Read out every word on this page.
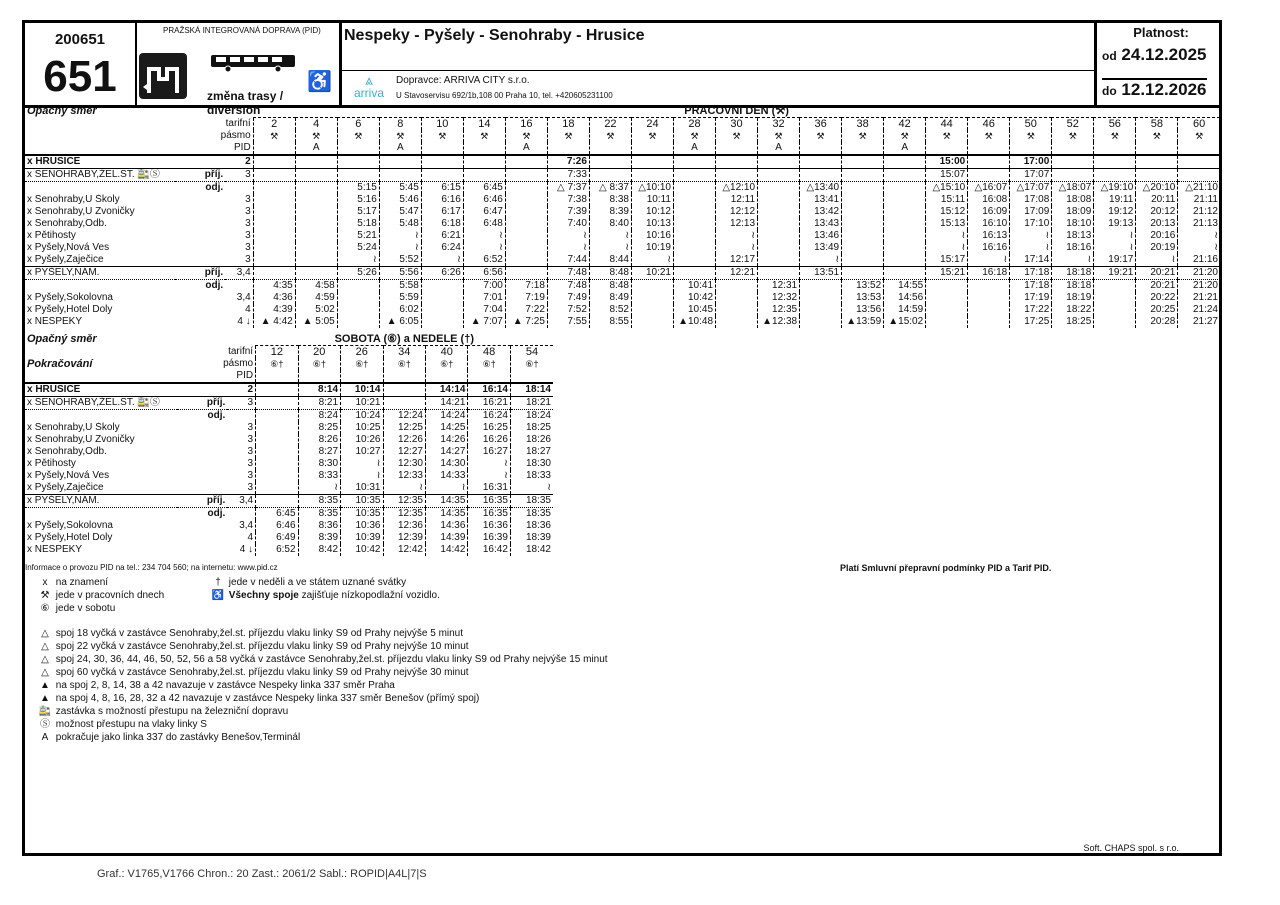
200651
651
PRAŽSKÁ INTEGROVANÁ DOPRAVA (PID)
♿
změna trasy / diversion
Nespeky - Pyšely - Senohraby - Hrusice
⩓
arriva
Dopravce: ARRIVA CITY s.r.o.
U Stavoservisu 692/1b,108 00 Praha 10, tel. +420605231100
Platnost:
od 24.12.2025
do 12.12.2026
Opačný směr			PRACOVNI DEN (⚒)																						
	tarifní		2	4	6	8	10	14	16	18	22	24	28	30	32	36	38	42	44	46	50	52	56	58	60
	pásmo		⚒	⚒	⚒	⚒	⚒	⚒	⚒	⚒	⚒	⚒	⚒	⚒	⚒	⚒	⚒	⚒	⚒	⚒	⚒	⚒	⚒	⚒	⚒
	PID			A		A			A				A		A			A							
x HRUSICE		2								7:26									15:00		17:00				
x SENOHRABY,ŽEL.ST. 🚉Ⓢ	příj.	3								7:33									15:07		17:07				
	odj.				5:15	5:45	6:15	6:45		△ 7:37	△ 8:37	△10:10		△12:10		△13:40			△15:10	△16:07	△17:07	△18:07	△19:10	△20:10	△21:10
x Senohraby,U Školy		3			5:16	5:46	6:16	6:46		7:38	8:38	10:11		12:11		13:41			15:11	16:08	17:08	18:08	19:11	20:11	21:11
x Senohraby,U Zvoničky		3			5:17	5:47	6:17	6:47		7:39	8:39	10:12		12:12		13:42			15:12	16:09	17:09	18:09	19:12	20:12	21:12
x Senohraby,Odb.		3			5:18	5:48	6:18	6:48		7:40	8:40	10:13		12:13		13:43			15:13	16:10	17:10	18:10	19:13	20:13	21:13
x Pětihosty		3			5:21	≀	6:21	≀		≀	≀	10:16		≀		13:46			≀	16:13	≀	18:13	≀	20:16	≀
x Pyšely,Nová Ves		3			5:24	≀	6:24	≀		≀	≀	10:19		≀		13:49			≀	16:16	≀	18:16	≀	20:19	≀
x Pyšely,Zaječice		3			≀	5:52	≀	6:52		7:44	8:44	≀		12:17		≀			15:17	≀	17:14	≀	19:17	≀	21:16
x PYŠELY,NÁM.	příj.	3,4			5:26	5:56	6:26	6:56		7:48	8:48	10:21		12:21		13:51			15:21	16:18	17:18	18:18	19:21	20:21	21:20
	odj.		4:35	4:58		5:58		7:00	7:18	7:48	8:48		10:41		12:31		13:52	14:55			17:18	18:18		20:21	21:20
x Pyšely,Sokolovna		3,4	4:36	4:59		5:59		7:01	7:19	7:49	8:49		10:42		12:32		13:53	14:56			17:19	18:19		20:22	21:21
x Pyšely,Hotel Doly		4	4:39	5:02		6:02		7:04	7:22	7:52	8:52		10:45		12:35		13:56	14:59			17:22	18:22		20:25	21:24
x NESPEKY		4 ↓	▲ 4:42	▲ 5:05		▲ 6:05		▲ 7:07	▲ 7:25	7:55	8:55		▲10:48		▲12:38		▲13:59	▲15:02			17:25	18:25		20:28	21:27
Opačný směr			SOBOTA (⑥) a NEDELE (†)						
	tarifní		12	20	26	34	40	48	54
Pokračování	pásmo		⑥†	⑥†	⑥†	⑥†	⑥†	⑥†	⑥†
	PID								
x HRUSICE		2		8:14	10:14		14:14	16:14	18:14
x SENOHRABY,ŽEL.ST. 🚉Ⓢ	příj.	3		8:21	10:21		14:21	16:21	18:21
	odj.			8:24	10:24	12:24	14:24	16:24	18:24
x Senohraby,U Školy		3		8:25	10:25	12:25	14:25	16:25	18:25
x Senohraby,U Zvoničky		3		8:26	10:26	12:26	14:26	16:26	18:26
x Senohraby,Odb.		3		8:27	10:27	12:27	14:27	16:27	18:27
x Pětihosty		3		8:30	≀	12:30	14:30	≀	18:30
x Pyšely,Nová Ves		3		8:33	≀	12:33	14:33	≀	18:33
x Pyšely,Zaječice		3		≀	10:31	≀	≀	16:31	≀
x PYŠELY,NÁM.	příj.	3,4		8:35	10:35	12:35	14:35	16:35	18:35
	odj.		6:45	8:35	10:35	12:35	14:35	16:35	18:35
x Pyšely,Sokolovna		3,4	6:46	8:36	10:36	12:36	14:36	16:36	18:36
x Pyšely,Hotel Doly		4	6:49	8:39	10:39	12:39	14:39	16:39	18:39
x NESPEKY		4 ↓	6:52	8:42	10:42	12:42	14:42	16:42	18:42
Informace o provozu PID na tel.: 234 704 560; na internetu: www.pid.cz	Platí Smluvní přepravní podmínky PID a Tarif PID.
x na znamení
⚒ jede v pracovních dnech
⑥ jede v sobotu
† jede v neděli a ve státem uznané svátky
♿ Všechny spoje zajišťuje nízkopodlažní vozidlo.
△ spoj 18 vyčká v zastávce Senohraby,žel.st. příjezdu vlaku linky S9 od Prahy nejvýše 5 minut
△ spoj 22 vyčká v zastávce Senohraby,žel.st. příjezdu vlaku linky S9 od Prahy nejvýše 10 minut
△ spoj 24, 30, 36, 44, 46, 50, 52, 56 a 58 vyčká v zastávce Senohraby,žel.st. příjezdu vlaku linky S9 od Prahy nejvýše 15 minut
△ spoj 60 vyčká v zastávce Senohraby,žel.st. příjezdu vlaku linky S9 od Prahy nejvýše 30 minut
▲ na spoj 2, 8, 14, 38 a 42 navazuje v zastávce Nespeky linka 337 směr Praha
▲ na spoj 4, 8, 16, 28, 32 a 42 navazuje v zastávce Nespeky linka 337 směr Benešov (přímý spoj)
🚉 zastávka s možností přestupu na železniční dopravu
Ⓢ možnost přestupu na vlaky linky S
A pokračuje jako linka 337 do zastávky Benešov,Terminál
Soft. CHAPS spol. s r.o.
Graf.: V1765,V1766 Chron.: 20 Zast.: 2061/2 Sabl.: ROPID|A4L|7|S
